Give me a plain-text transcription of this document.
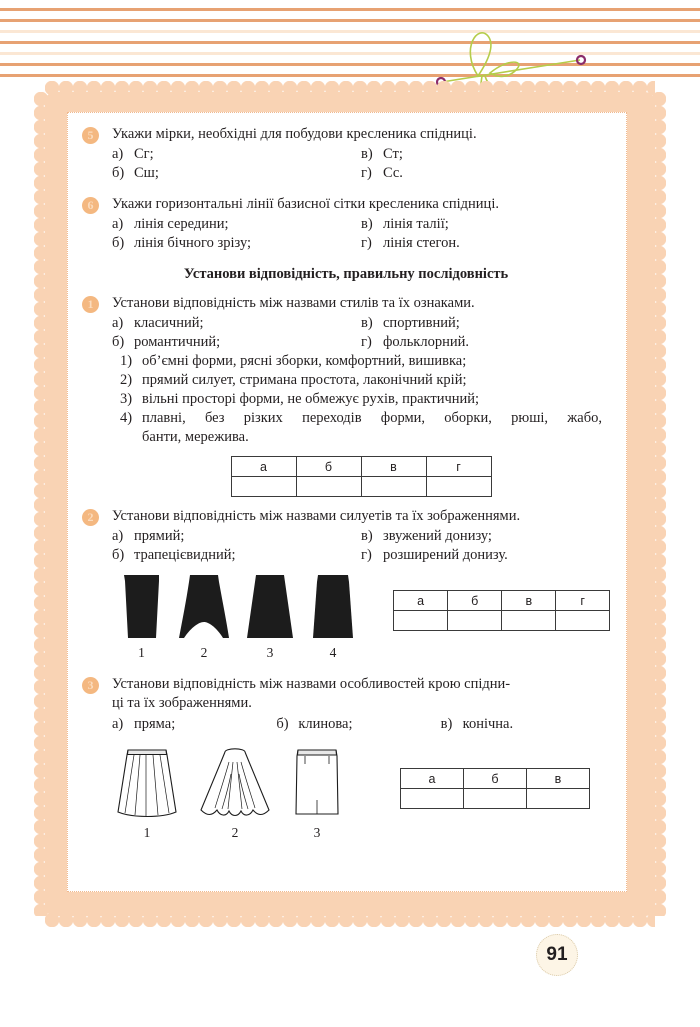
5	Укажи мірки, необхідні для побудови кресленика спідниці.
а) Сг;
б) Сш;
в) Ст;
г) Сс.
6	Укажи горизонтальні лінії базисної сітки кресленика спідниці.
а) лінія середини;
б) лінія бічного зрізу;
в) лінія талії;
г) лінія стегон.
Установи відповідність, правильну послідовність
1	Установи відповідність між назвами стилів та їх ознаками.
а) класичний;
б) романтичний;
в) спортивний;
г) фольклорний.
1) об’ємні форми, рясні зборки, комфортний, вишивка;
2) прямий силует, стримана простота, лаконічний крій;
3) вільні просторі форми, не обмежує рухів, практичний;
4) плавні, без різких переходів форми, оборки, рюші, жабо,
банти, мережива.
а	б	в	г

2	Установи відповідність між назвами силуетів та їх зображеннями.
а) прямий;
б) трапецієвидний;
в) звужений донизу;
г) розширений донизу.
1	2	3	4
а	б	в	г

3	Установи відповідність між назвами особливостей крою спідни-
ці та їх зображеннями.
а) пряма;	б) клинова;	в) конічна.
1	2	3
а	б	в

91
